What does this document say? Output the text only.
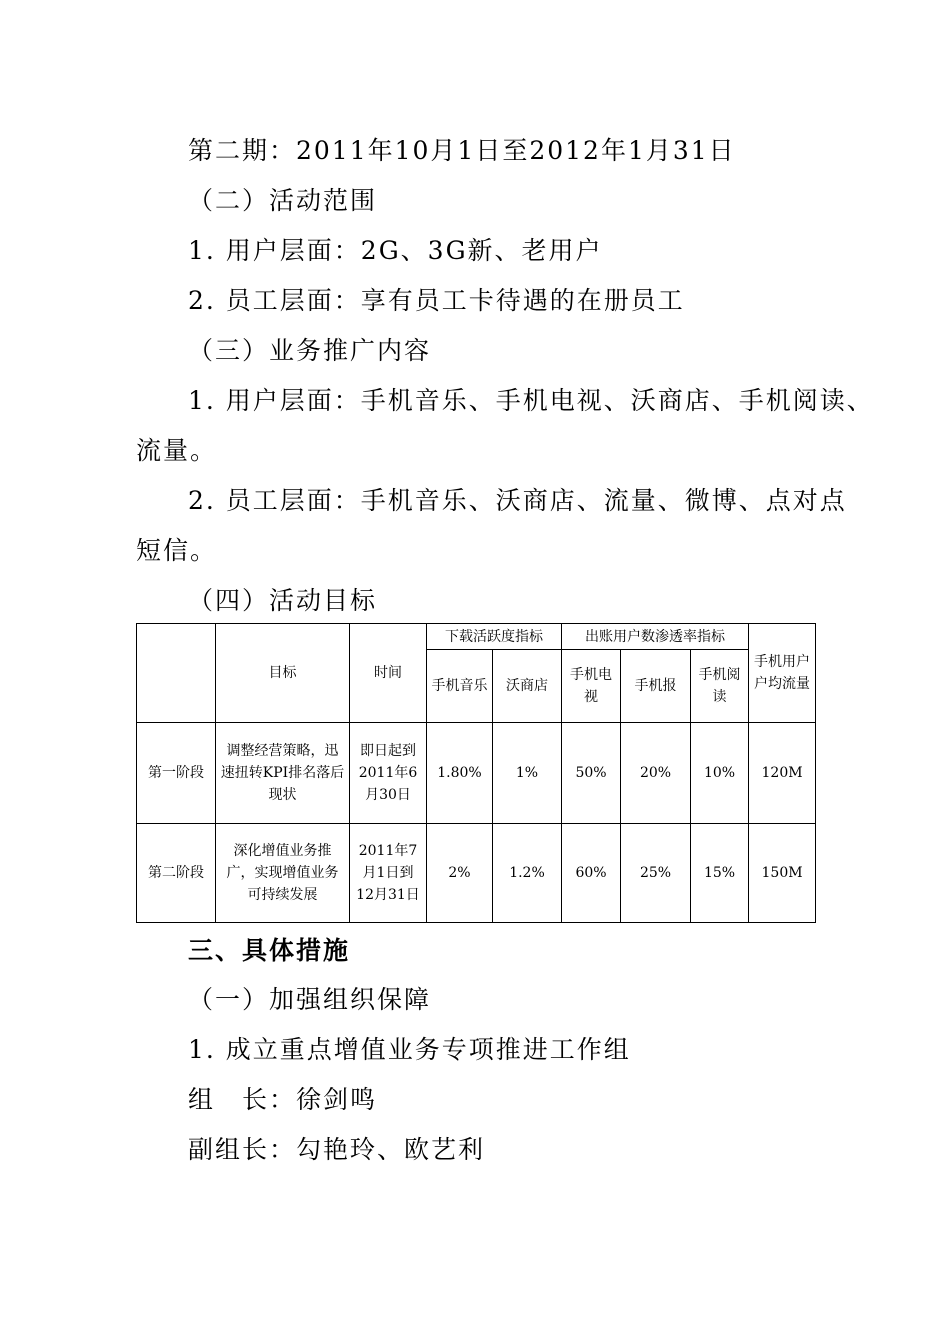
第二期：2011年10月1日至2012年1月31日
（二）活动范围
1. 用户层面：2G、3G新、老用户
2. 员工层面：享有员工卡待遇的在册员工
（三）业务推广内容
1. 用户层面：手机音乐、手机电视、沃商店、手机阅读、
流量。
2. 员工层面：手机音乐、沃商店、流量、微博、点对点
短信。
（四）活动目标
	目标	时间	下载活跃度指标		出账用户数渗透率指标			手机用户户均流量
			手机音乐	沃商店	手机电视	手机报	手机阅读	
第一阶段	调整经营策略，迅速扭转KPI排名落后现状	即日起到2011年6月30日	1.80%	1%	50%	20%	10%	120M
第二阶段	深化增值业务推广，实现增值业务可持续发展	2011年7月1日到12月31日	2%	1.2%	60%	25%	15%	150M
三、具体措施
（一）加强组织保障
1. 成立重点增值业务专项推进工作组
组　长：徐剑鸣
副组长：勾艳玲、欧艺利
